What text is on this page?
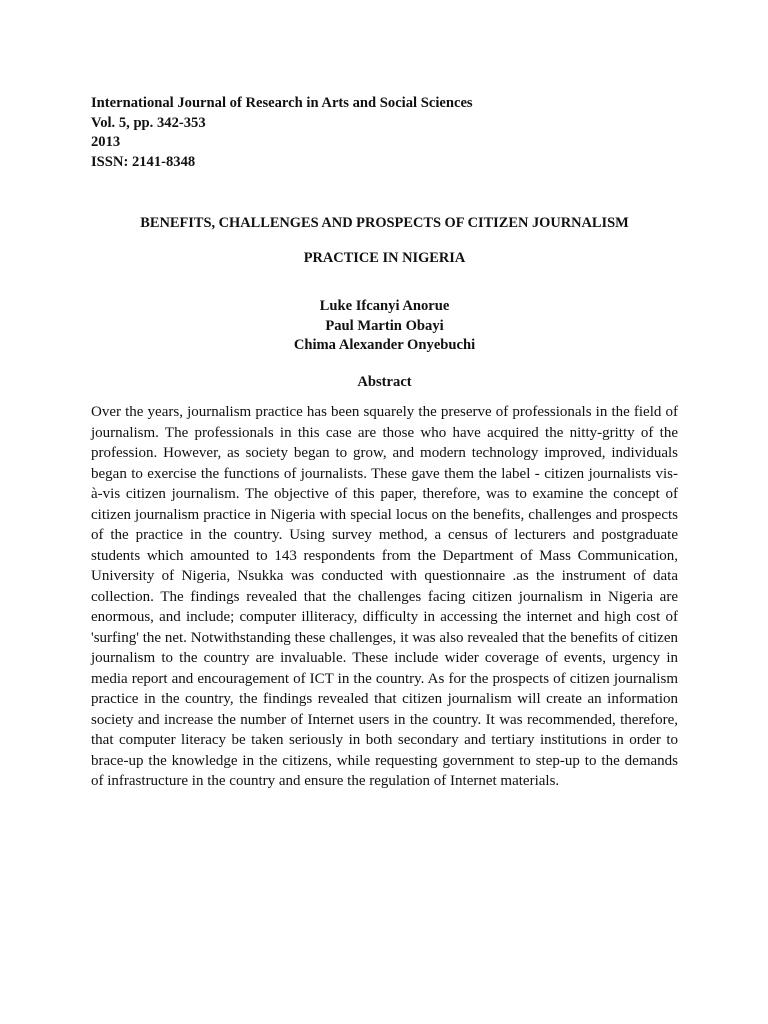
International Journal of Research in Arts and Social Sciences
Vol. 5, pp. 342-353
2013
ISSN: 2141-8348
BENEFITS, CHALLENGES AND PROSPECTS OF CITIZEN JOURNALISM
PRACTICE IN NIGERIA
Luke Ifcanyi Anorue
Paul Martin Obayi
Chima Alexander Onyebuchi
Abstract
Over the years, journalism practice has been squarely the preserve of professionals in the field of journalism. The professionals in this case are those who have acquired the nitty-gritty of the profession. However, as society began to grow, and modern technology improved, individuals began to exercise the functions of journalists. These gave them the label - citizen journalists vis-à-vis citizen journalism. The objective of this paper, therefore, was to examine the concept of citizen journalism practice in Nigeria with special locus on the benefits, challenges and prospects of the practice in the country. Using survey method, a census of lecturers and postgraduate students which amounted to 143 respondents from the Department of Mass Communication, University of Nigeria, Nsukka was conducted with questionnaire .as the instrument of data collection. The findings revealed that the challenges facing citizen journalism in Nigeria are enormous, and include; computer illiteracy, difficulty in accessing the internet and high cost of 'surfing' the net. Notwithstanding these challenges, it was also revealed that the benefits of citizen journalism to the country are invaluable. These include wider coverage of events, urgency in media report and encouragement of ICT in the country. As for the prospects of citizen journalism practice in the country, the findings revealed that citizen journalism will create an information society and increase the number of Internet users in the country. It was recommended, therefore, that computer literacy be taken seriously in both secondary and tertiary institutions in order to brace-up the knowledge in the citizens, while requesting government to step-up to the demands of infrastructure in the country and ensure the regulation of Internet materials.
